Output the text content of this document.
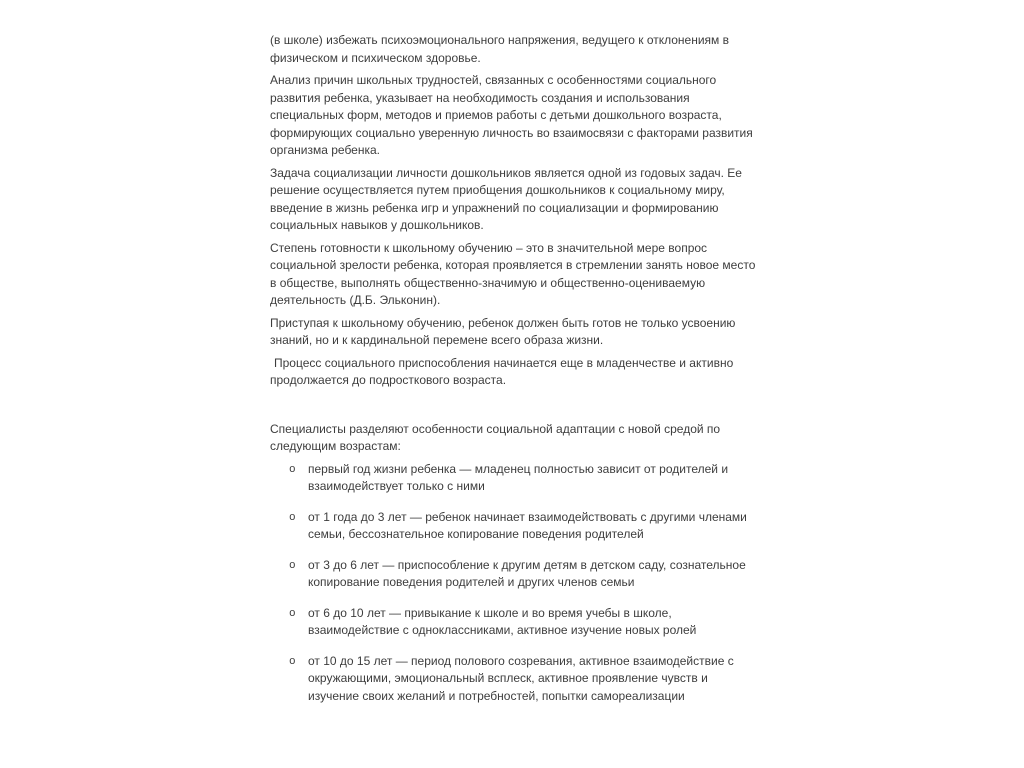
(в школе) избежать психоэмоционального напряжения, ведущего к отклонениям в физическом и психическом здоровье.

Анализ причин школьных трудностей, связанных с особенностями социального развития ребенка, указывает на необходимость создания и использования специальных форм, методов и приемов работы с детьми дошкольного возраста, формирующих социально уверенную личность во взаимосвязи с факторами развития организма ребенка.

Задача социализации личности дошкольников является одной из годовых задач. Ее решение осуществляется путем приобщения дошкольников к социальному миру, введение в жизнь ребенка игр и упражнений по социализации и формированию социальных навыков у дошкольников.

Степень готовности к школьному обучению – это в значительной мере вопрос социальной зрелости ребенка, которая проявляется в стремлении занять новое место в обществе, выполнять общественно-значимую и общественно-оцениваемую деятельность (Д.Б. Эльконин).

Приступая к школьному обучению, ребенок должен быть готов не только усвоению знаний, но и к кардинальной перемене всего образа жизни.

Процесс социального приспособления начинается еще в младенчестве и активно продолжается до подросткового возраста.

Специалисты разделяют особенности социальной адаптации с новой средой по следующим возрастам:

o первый год жизни ребенка — младенец полностью зависит от родителей и взаимодействует только с ними
o от 1 года до 3 лет — ребенок начинает взаимодействовать с другими членами семьи, бессознательное копирование поведения родителей
o от 3 до 6 лет — приспособление к другим детям в детском саду, сознательное копирование поведения родителей и других членов семьи
o от 6 до 10 лет — привыкание к школе и во время учебы в школе, взаимодействие с одноклассниками, активное изучение новых ролей
o от 10 до 15 лет — период полового созревания, активное взаимодействие с окружающими, эмоциональный всплеск, активное проявление чувств и изучение своих желаний и потребностей, попытки самореализации
